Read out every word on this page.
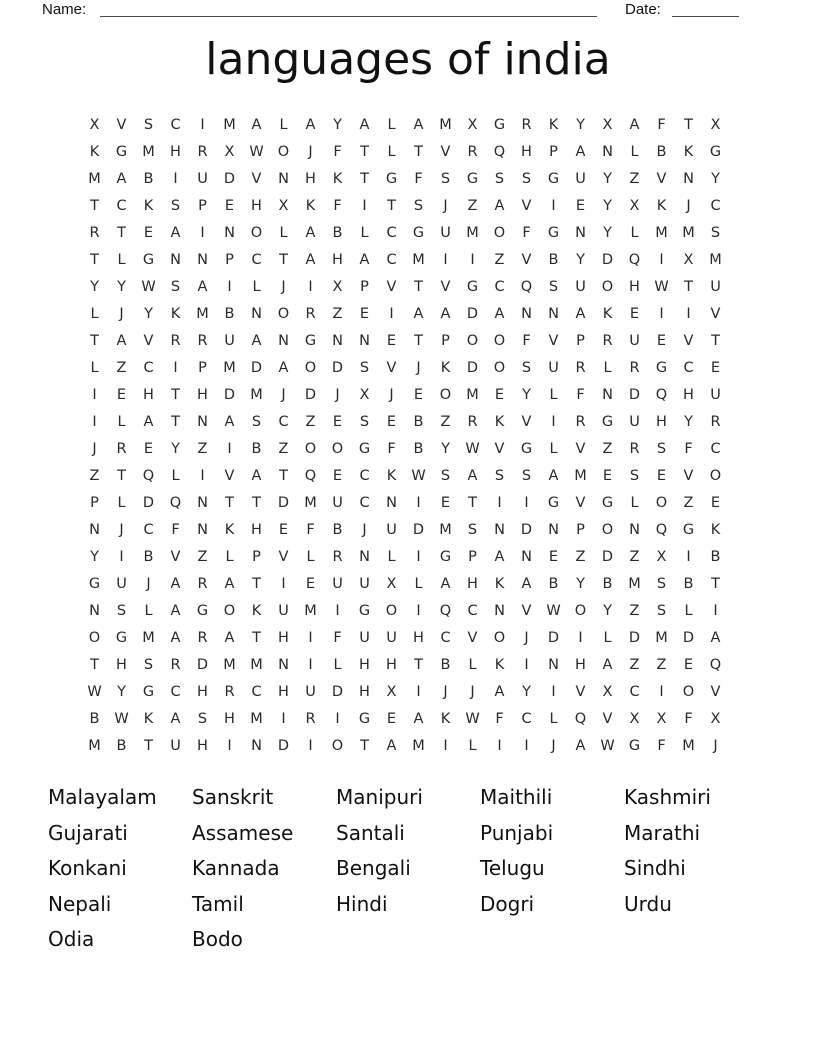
Name:	Date:
languages of india
X	V	S	C	I	M	A	L	A	Y	A	L	A	M	X	G	R	K	Y	X	A	F	T	X
K	G	M	H	R	X	W O	J	F	T	L	T	V	R	Q	H	P	A	N	L	B	K	G
M	A	B	I	U	D	V	N	H	K	T	G	F	S	G	S	S	G	U	Y	Z	V	N	Y
T	C	K	S	P	E	H	X	K	F	I	T	S	J	Z	A	V	I	E	Y	X	K	J	C
R	T	E	A	I	N	O	L	A	B	L	C	G	U	M	O	F	G	N	Y	L	M M	S
T	L	G	N	N	P	C	T	A	H	A	C	M	I	I	Z	V	B	Y	D	Q	I	X	M
Y	Y	W	S	A	I	L	J	I	X	P	V	T	V	G	C	Q	S	U	O	H W	T	U
L	J	Y	K	M	B	N	O	R	Z	E	I	A	A	D	A	N	N	A	K	E	I	I	V
T	A	V	R	R	U	A	N	G	N	N	E	T	P	O	O	F	V	P	R	U	E	V	T
L	Z	C	I	P	M	D	A	O	D	S	V	J	K	D	O	S	U	R	L	R	G	C	E
I	E	H	T	H	D	M	J	D	J	X	J	E	O	M	E	Y	L	F	N	D	Q	H	U
I	L	A	T	N	A	S	C	Z	E	S	E	B	Z	R	K	V	I	R	G	U	H	Y	R
J	R	E	Y	Z	I	B	Z	O	O	G	F	B	Y	W	V	G	L	V	Z	R	S	F	C
Z	T	Q	L	I	V	A	T	Q	E	C	K	W	S	A	S	S	A	M	E	S	E	V	O
P	L	D	Q	N	T	T	D	M	U	C	N	I	E	T	I	I	G	V	G	L	O	Z	E
N	J	C	F	N	K	H	E	F	B	J	U	D	M	S	N	D	N	P	O	N	Q	G	K
Y	I	B	V	Z	L	P	V	L	R	N	L	I	G	P	A	N	E	Z	D	Z	X	I	B
G	U	J	A	R	A	T	I	E	U	U	X	L	A	H	K	A	B	Y	B	M	S	B	T
N	S	L	A	G	O	K	U	M	I	G	O	I	Q	C	N	V	W O	Y	Z	S	L	I
O	G	M	A	R	A	T	H	I	F	U	U	H	C	V	O	J	D	I	L	D	M	D	A
T	H	S	R	D	M M	N	I	L	H	H	T	B	L	K	I	N	H	A	Z	Z	E	Q
W	Y	G	C	H	R	C	H	U	D	H	X	I	J	J	A	Y	I	V	X	C	I	O	V
B	W	K	A	S	H	M	I	R	I	G	E	A	K	W	F	C	L	Q	V	X	X	F	X
M	B	T	U	H	I	N	D	I	O	T	A	M	I	L	I	I	J	A	W G	F	M	J
Malayalam
Gujarati
Konkani
Nepali
Odia
Sanskrit
Assamese
Kannada
Tamil
Bodo
Manipuri
Santali
Bengali
Hindi
Maithili
Punjabi
Telugu
Dogri
Kashmiri
Marathi
Sindhi
Urdu
